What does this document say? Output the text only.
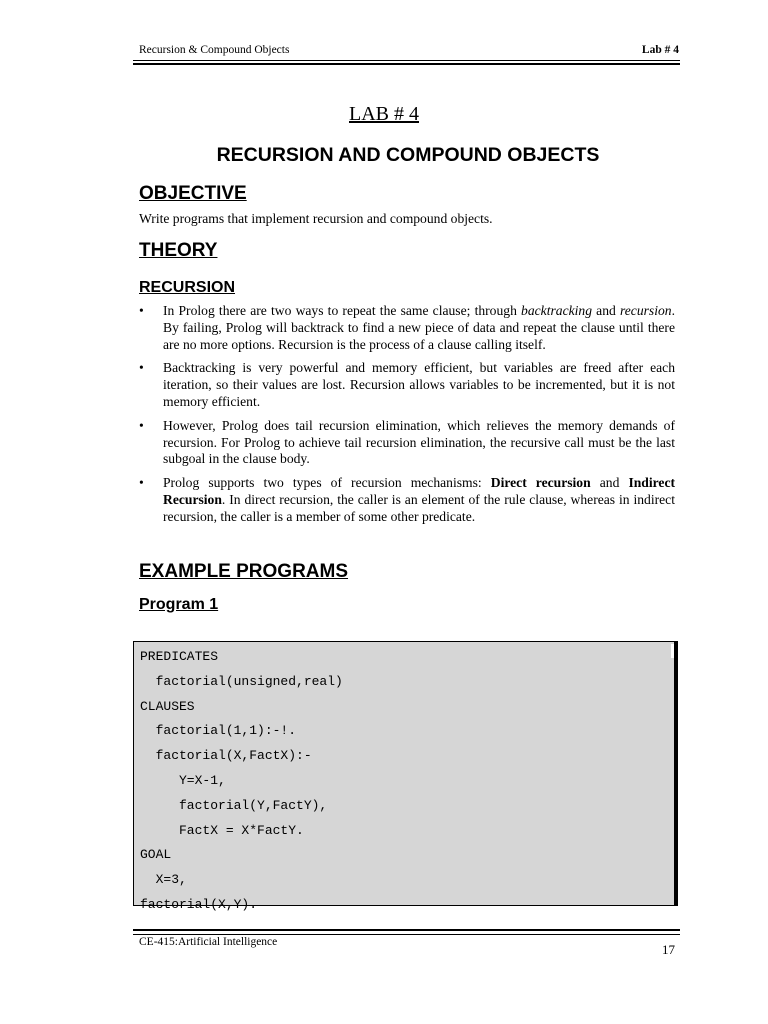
Recursion & Compound Objects	Lab # 4
LAB # 4
RECURSION AND COMPOUND OBJECTS
OBJECTIVE
Write programs that implement recursion and compound objects.
THEORY
RECURSION
• In Prolog there are two ways to repeat the same clause; through backtracking and recursion. By failing, Prolog will backtrack to find a new piece of data and repeat the clause until there are no more options. Recursion is the process of a clause calling itself.
• Backtracking is very powerful and memory efficient, but variables are freed after each iteration, so their values are lost. Recursion allows variables to be incremented, but it is not memory efficient.
• However, Prolog does tail recursion elimination, which relieves the memory demands of recursion. For Prolog to achieve tail recursion elimination, the recursive call must be the last subgoal in the clause body.
• Prolog supports two types of recursion mechanisms: Direct recursion and Indirect Recursion. In direct recursion, the caller is an element of the rule clause, whereas in indirect recursion, the caller is a member of some other predicate.
EXAMPLE PROGRAMS
Program 1
PREDICATES
factorial(unsigned,real)
CLAUSES
factorial(1,1):-!.
factorial(X,FactX):-
Y=X-1,
factorial(Y,FactY),
FactX = X*FactY.
GOAL
X=3,
factorial(X,Y).
CE-415:Artificial Intelligence	17
